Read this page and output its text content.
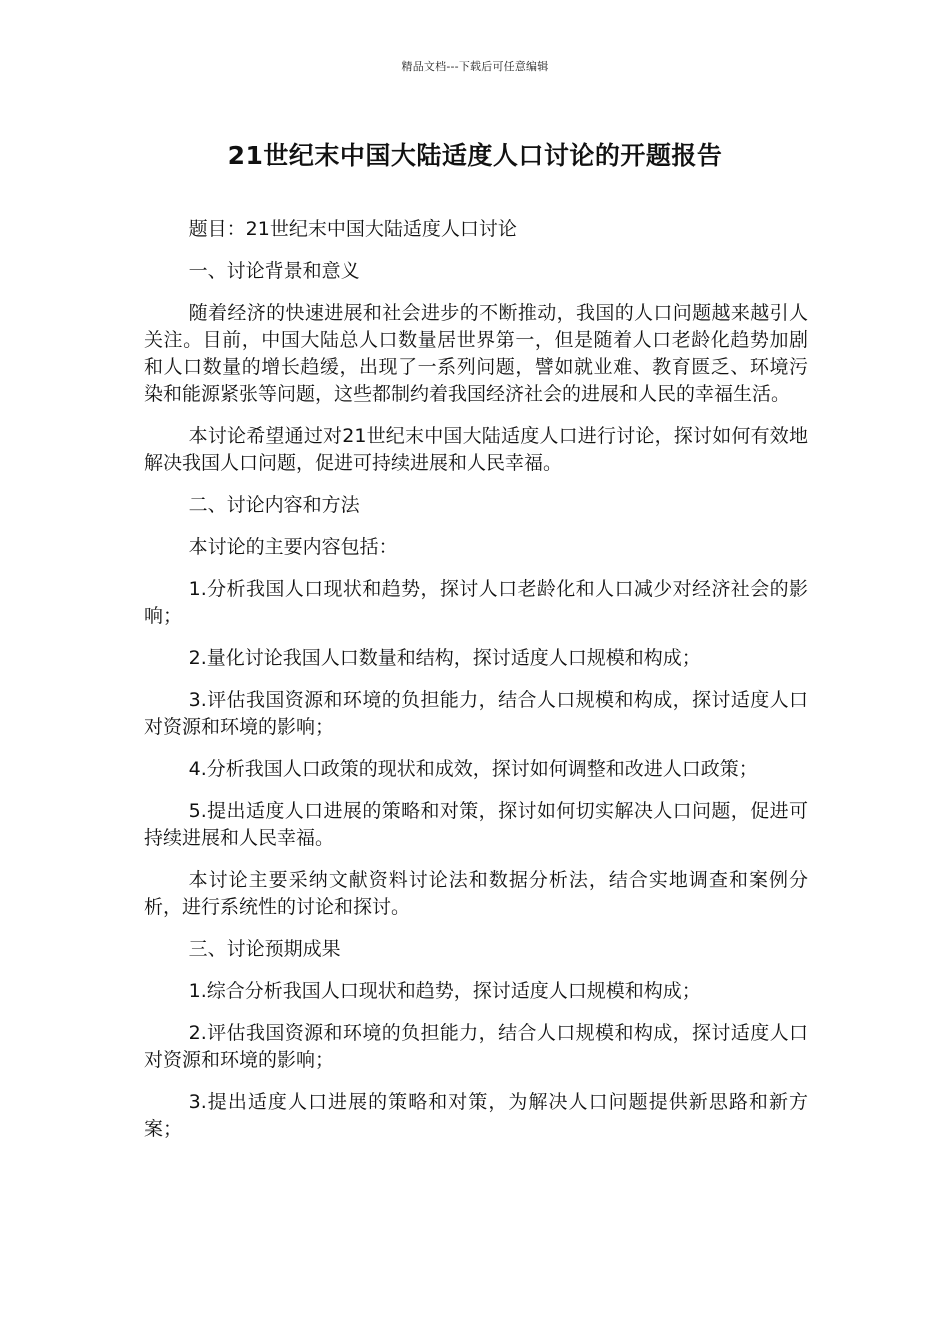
精品文档---下载后可任意编辑
21世纪末中国大陆适度人口讨论的开题报告

题目：21世纪末中国大陆适度人口讨论

一、讨论背景和意义

随着经济的快速进展和社会进步的不断推动，我国的人口问题越来越引人关注。目前，中国大陆总人口数量居世界第一，但是随着人口老龄化趋势加剧和人口数量的增长趋缓，出现了一系列问题，譬如就业难、教育匮乏、环境污染和能源紧张等问题，这些都制约着我国经济社会的进展和人民的幸福生活。

本讨论希望通过对21世纪末中国大陆适度人口进行讨论，探讨如何有效地解决我国人口问题，促进可持续进展和人民幸福。

二、讨论内容和方法

本讨论的主要内容包括：

1.分析我国人口现状和趋势，探讨人口老龄化和人口减少对经济社会的影响；

2.量化讨论我国人口数量和结构，探讨适度人口规模和构成；

3.评估我国资源和环境的负担能力，结合人口规模和构成，探讨适度人口对资源和环境的影响；

4.分析我国人口政策的现状和成效，探讨如何调整和改进人口政策；

5.提出适度人口进展的策略和对策，探讨如何切实解决人口问题，促进可持续进展和人民幸福。

本讨论主要采纳文献资料讨论法和数据分析法，结合实地调查和案例分析，进行系统性的讨论和探讨。

三、讨论预期成果

1.综合分析我国人口现状和趋势，探讨适度人口规模和构成；

2.评估我国资源和环境的负担能力，结合人口规模和构成，探讨适度人口对资源和环境的影响；

3.提出适度人口进展的策略和对策，为解决人口问题提供新思路和新方案；
